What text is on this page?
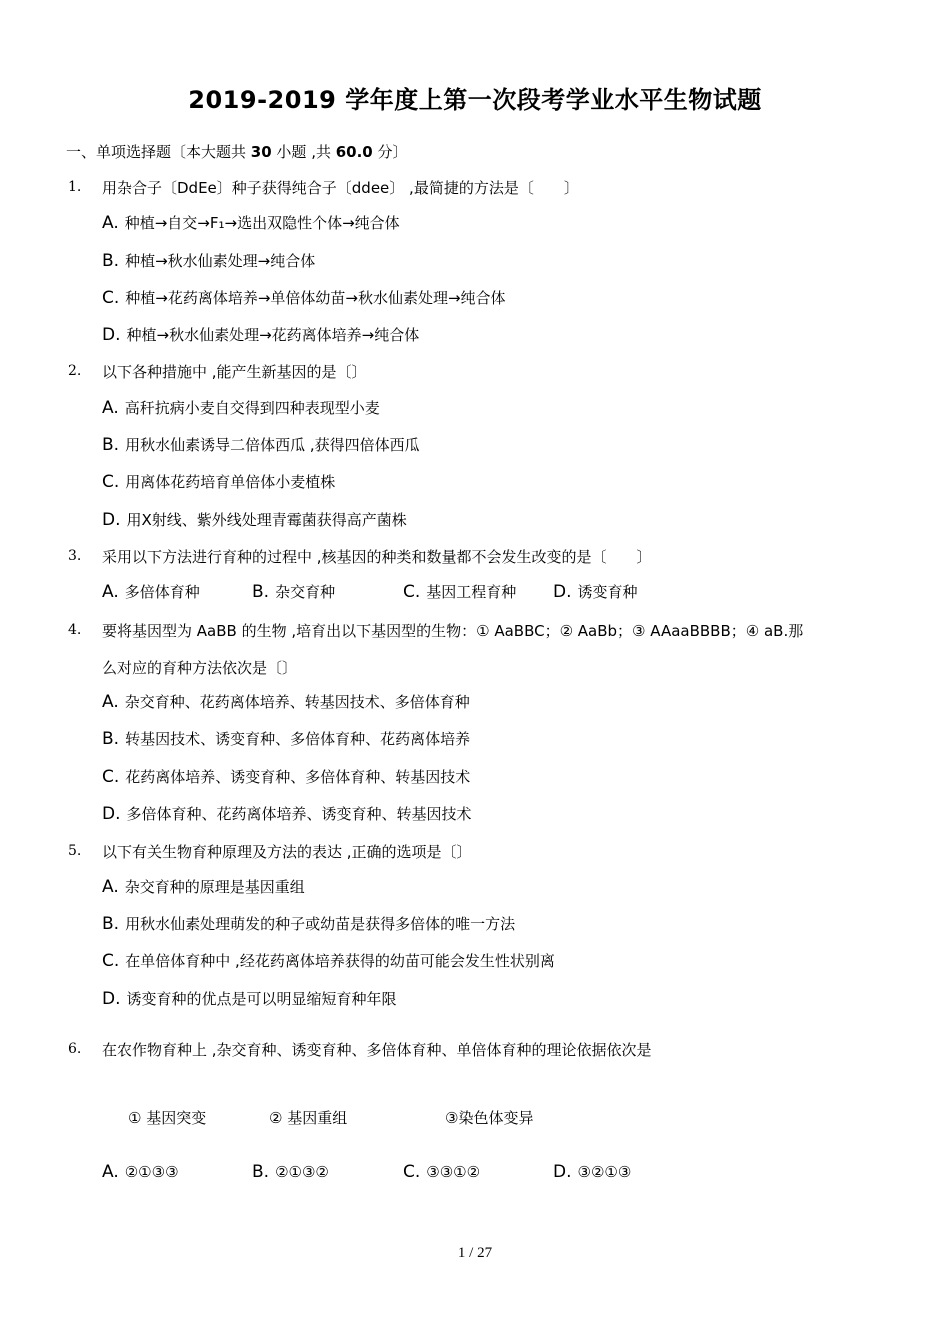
2019-2019 学年度上第一次段考学业水平生物试题
一、单项选择题〔本大题共 30 小题 ,共 60.0 分〕
1. 用杂合子〔DdEe〕种子获得纯合子〔ddee〕 ,最简捷的方法是〔　　〕
A. 种植→自交→F₁→选出双隐性个体→纯合体
B. 种植→秋水仙素处理→纯合体
C. 种植→花药离体培养→单倍体幼苗→秋水仙素处理→纯合体
D. 种植→秋水仙素处理→花药离体培养→纯合体
2. 以下各种措施中 ,能产生新基因的是〔〕
A. 高秆抗病小麦自交得到四种表现型小麦
B. 用秋水仙素诱导二倍体西瓜 ,获得四倍体西瓜
C. 用离体花药培育单倍体小麦植株
D. 用Ⅹ射线、紫外线处理青霉菌获得高产菌株
3. 采用以下方法进行育种的过程中 ,核基因的种类和数量都不会发生改变的是〔　　〕
A. 多倍体育种	B. 杂交育种	C. 基因工程育种 D. 诱变育种
4. 要将基因型为 AaBB 的生物 ,培育出以下基因型的生物：① AaBBC；② AaBb；③ AAaaBBBB；④ aB.那
么对应的育种方法依次是〔〕
A. 杂交育种、花药离体培养、转基因技术、多倍体育种
B. 转基因技术、诱变育种、多倍体育种、花药离体培养
C. 花药离体培养、诱变育种、多倍体育种、转基因技术
D. 多倍体育种、花药离体培养、诱变育种、转基因技术
5. 以下有关生物育种原理及方法的表达 ,正确的选项是〔〕
A. 杂交育种的原理是基因重组
B. 用秋水仙素处理萌发的种子或幼苗是获得多倍体的唯一方法
C. 在单倍体育种中 ,经花药离体培养获得的幼苗可能会发生性状别离
D. 诱变育种的优点是可以明显缩短育种年限
6. 在农作物育种上 ,杂交育种、诱变育种、多倍体育种、单倍体育种的理论依据依次是
① 基因突变	② 基因重组	③染色体变异
A. ②①③③	B. ②①③②	C. ③③①②	D. ③②①③
1 / 27
